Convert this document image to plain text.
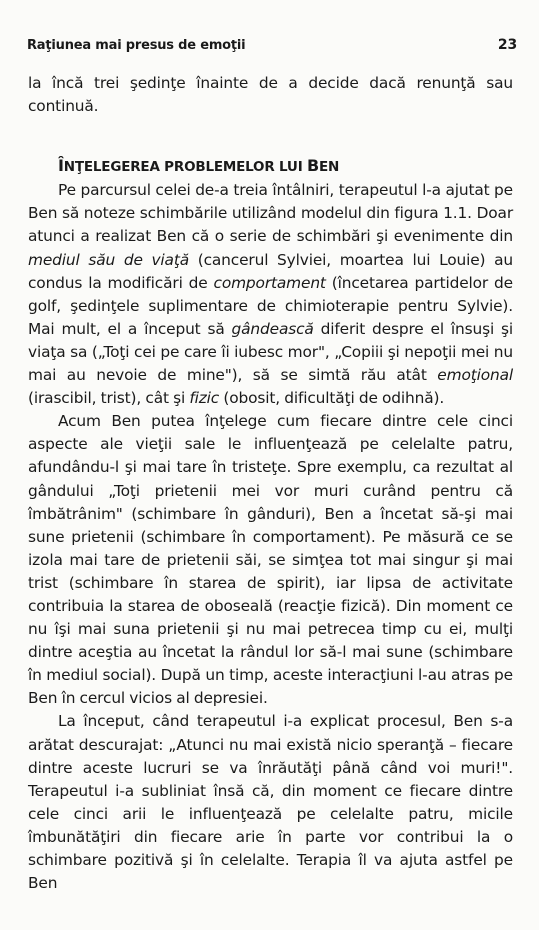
Raţiunea mai presus de emoţii	23

la încă trei şedinţe înainte de a decide dacă renunţă sau continuă.

ÎNŢELEGEREA PROBLEMELOR LUI BEN

Pe parcursul celei de-a treia întâlniri, terapeutul l-a ajutat pe Ben să noteze schimbările utilizând modelul din figura 1.1. Doar atunci a realizat Ben că o serie de schimbări şi evenimente din mediul său de viaţă (cancerul Sylviei, moartea lui Louie) au condus la modificări de comportament (încetarea partidelor de golf, şedinţele suplimentare de chimioterapie pentru Sylvie). Mai mult, el a început să gândească diferit despre el însuşi şi viaţa sa („Toţi cei pe care îi iubesc mor", „Copiii şi nepoţii mei nu mai au nevoie de mine"), să se simtă rău atât emoţional (irascibil, trist), cât şi fizic (obosit, dificultăţi de odihnă).

Acum Ben putea înţelege cum fiecare dintre cele cinci aspecte ale vieţii sale le influenţează pe celelalte patru, afundându-l şi mai tare în tristeţe. Spre exemplu, ca rezultat al gândului „Toţi prietenii mei vor muri curând pentru că îmbătrânim" (schimbare în gânduri), Ben a încetat să-şi mai sune prietenii (schimbare în comportament). Pe măsură ce se izola mai tare de prietenii săi, se simţea tot mai singur şi mai trist (schimbare în starea de spirit), iar lipsa de activitate contribuia la starea de oboseală (reacţie fizică). Din moment ce nu îşi mai suna prietenii şi nu mai petrecea timp cu ei, mulţi dintre aceştia au încetat la rândul lor să-l mai sune (schimbare în mediul social). După un timp, aceste interacţiuni l-au atras pe Ben în cercul vicios al depresiei.

La început, când terapeutul i-a explicat procesul, Ben s-a arătat descurajat: „Atunci nu mai există nicio speranţă – fiecare dintre aceste lucruri se va înrăutăţi până când voi muri!". Terapeutul i-a subliniat însă că, din moment ce fiecare dintre cele cinci arii le influenţează pe celelalte patru, micile îmbunătăţiri din fiecare arie în parte vor contribui la o schimbare pozitivă şi în celelalte. Terapia îl va ajuta astfel pe Ben
